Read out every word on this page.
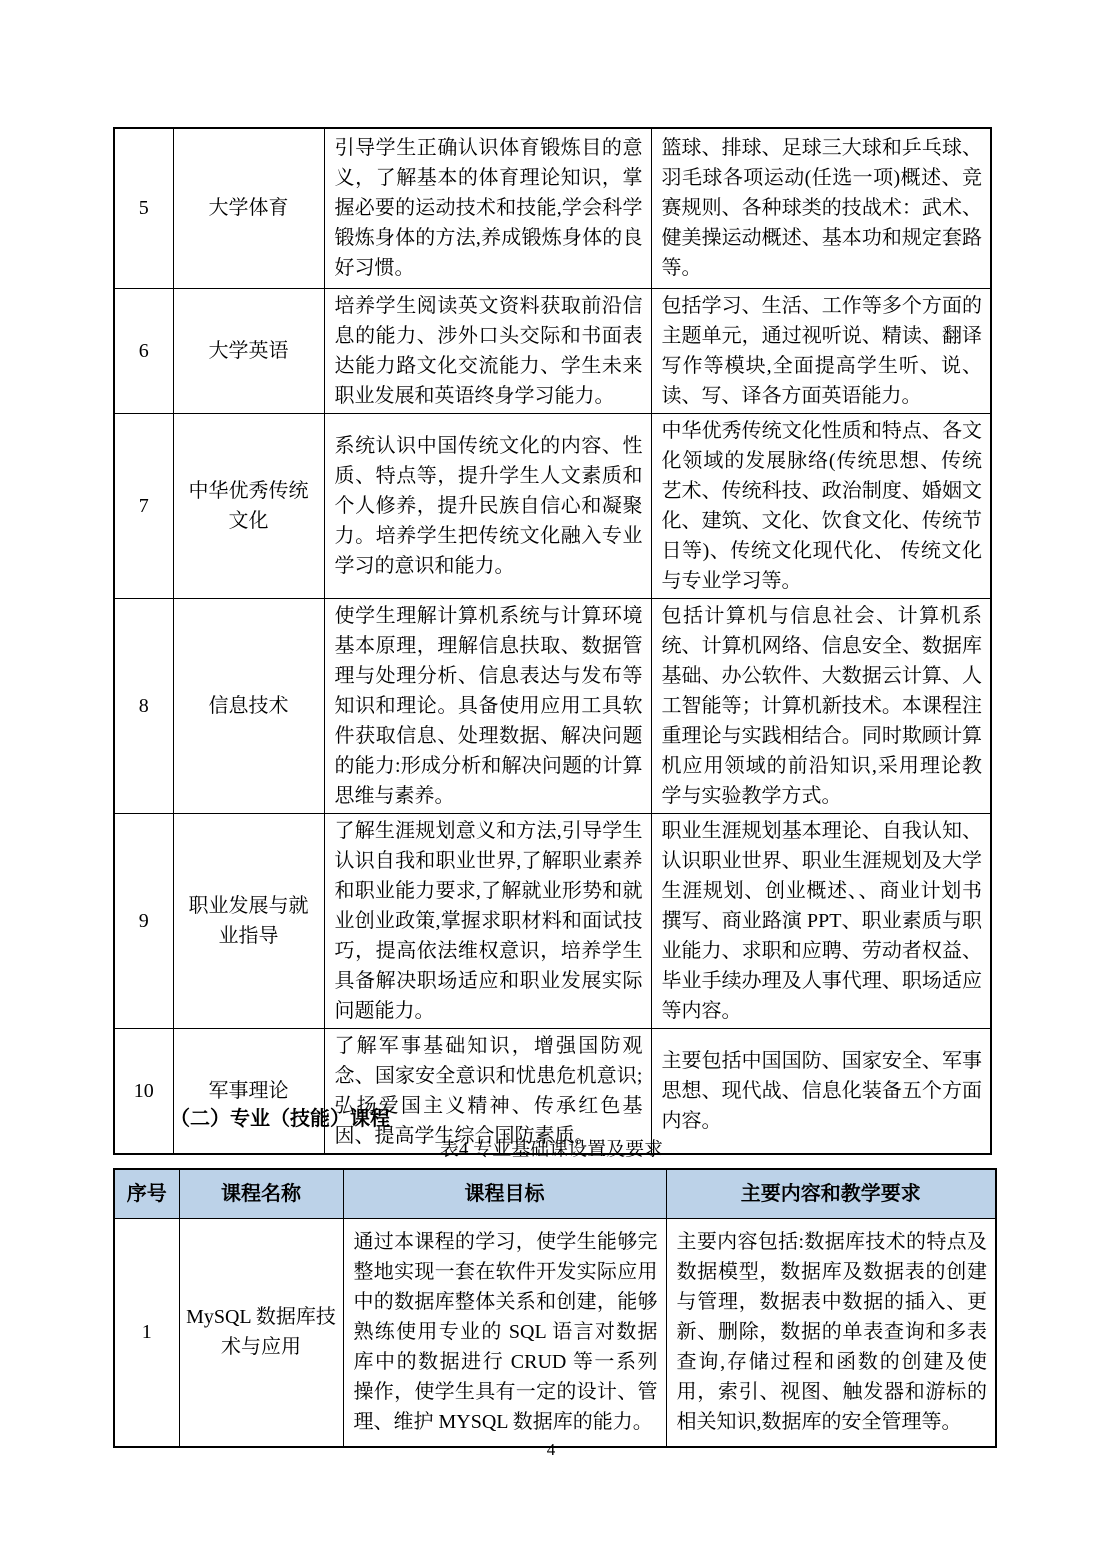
5	大学体育	引导学生正确认识体育锻炼目的意义，了解基本的体育理论知识，掌握必要的运动技术和技能,学会科学锻炼身体的方法,养成锻炼身体的良好习惯。	篮球、排球、足球三大球和乒乓球、羽毛球各项运动(任选一项)概述、竞赛规则、各种球类的技战术：武术、健美操运动概述、基本功和规定套路等。
6	大学英语	培养学生阅读英文资料获取前沿信息的能力、涉外口头交际和书面表达能力路文化交流能力、学生未来职业发展和英语终身学习能力。	包括学习、生活、工作等多个方面的主题单元，通过视听说、精读、翻译写作等模块,全面提高学生听、说、读、写、译各方面英语能力。
7	中华优秀传统文化	系统认识中国传统文化的内容、性质、特点等，提升学生人文素质和个人修养，提升民族自信心和凝聚力。培养学生把传统文化融入专业学习的意识和能力。	中华优秀传统文化性质和特点、各文化领域的发展脉络(传统思想、传统艺术、传统科技、政治制度、婚姻文化、建筑、文化、饮食文化、传统节日等)、传统文化现代化、 传统文化与专业学习等。
8	信息技术	使学生理解计算机系统与计算环境基本原理，理解信息扶取、数据管理与处理分析、信息表达与发布等知识和理论。具备使用应用工具软件获取信息、处理数据、解决问题的能力:形成分析和解决问题的计算思维与素养。	包括计算机与信息社会、计算机系统、计算机网络、信息安全、数据库基础、办公软件、大数据云计算、人工智能等；计算机新技术。本课程注重理论与实践相结合。同时欺顾计算机应用领域的前沿知识,采用理论教学与实验教学方式。
9	职业发展与就业指导	了解生涯规划意义和方法,引导学生认识自我和职业世界,了解职业素养和职业能力要求,了解就业形势和就业创业政策,掌握求职材料和面试技巧，提高依法维权意识，培养学生具备解决职场适应和职业发展实际问题能力。	职业生涯规划基本理论、自我认知、认识职业世界、职业生涯规划及大学生涯规划、创业概述、、商业计划书撰写、商业路演 PPT、职业素质与职业能力、求职和应聘、劳动者权益、毕业手续办理及人事代理、职场适应等内容。
10	军事理论	了解军事基础知识，增强国防观念、国家安全意识和忧患危机意识;弘扬爱国主义精神、传承红色基因、提高学生综合国防素质。	主要包括中国国防、国家安全、军事思想、现代战、信息化装备五个方面内容。
（二）专业（技能）课程
表4 专业基础课设置及要求
序号	课程名称	课程目标	主要内容和教学要求
1	MySQL 数据库技术与应用	通过本课程的学习，使学生能够完整地实现一套在软件开发实际应用中的数据库整体关系和创建，能够熟练使用专业的 SQL 语言对数据库中的数据进行 CRUD 等一系列操作，使学生具有一定的设计、管理、维护 MYSQL 数据库的能力。	主要内容包括:数据库技术的特点及数据模型，数据库及数据表的创建与管理，数据表中数据的插入、更新、删除，数据的单表查询和多表查询,存储过程和函数的创建及使用，索引、视图、触发器和游标的相关知识,数据库的安全管理等。
4
